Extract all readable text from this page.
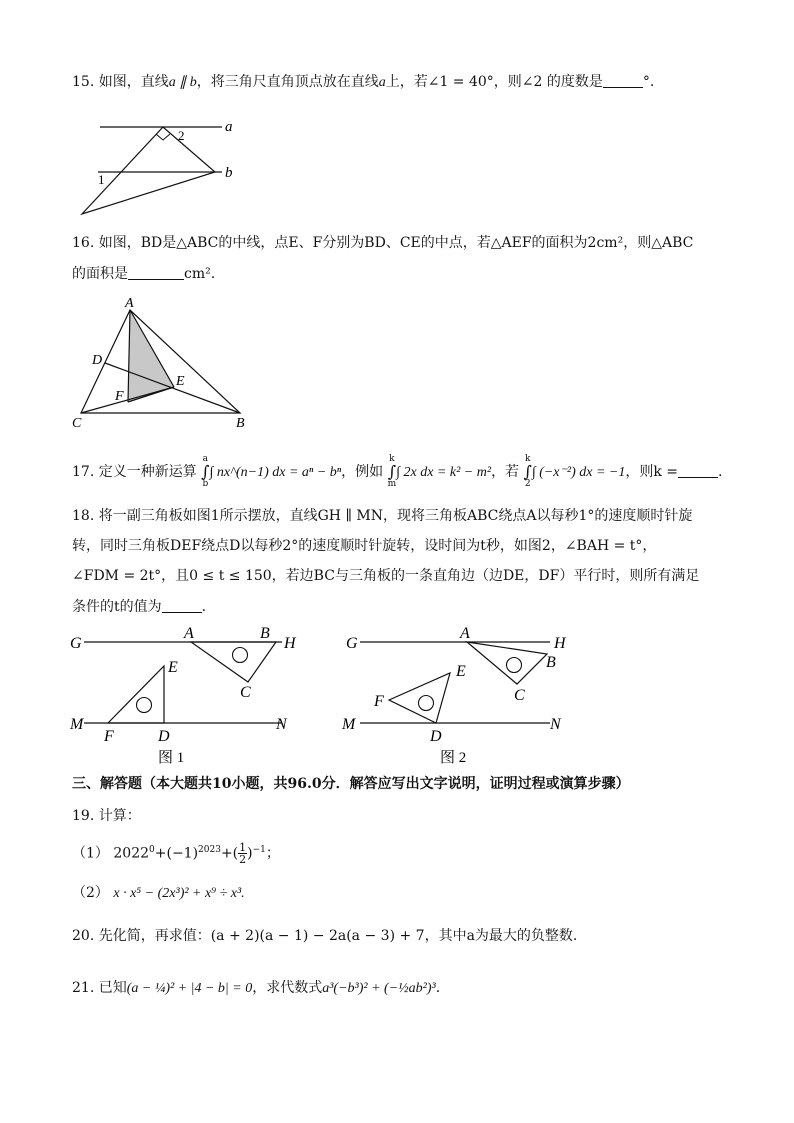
15. 如图，直线a ∥ b，将三角尺直角顶点放在直线a上，若∠1 = 40°，则∠2 的度数是	°.
a
b
1
2
16. 如图，BD是△ABC的中线，点E、F分别为BD、CE的中点，若△AEF的面积为2cm²，则△ABC
的面积是	cm².
A
B
C
D
E
F
17. 定义一种新运算
a
∫
b
∫ nx^(n−1) dx = aⁿ − bⁿ，例如
k
∫
m
∫ 2x dx = k² − m²，若
k
∫
2
∫ (−x⁻²) dx = −1，则k =	.
18. 将一副三角板如图1所示摆放，直线GH ∥ MN，现将三角板ABC绕点A以每秒1°的速度顺时针旋
转，同时三角板DEF绕点D以每秒2°的速度顺时针旋转，设时间为t秒，如图2，∠BAH = t°，
∠FDM = 2t°，且0 ≤ t ≤ 150，若边BC与三角板的一条直角边（边DE，DF）平行时，则所有满足
条件的t的值为	.
G	H
A	B
C
E
M	N
F	D
图 1
G	H
A
B
C
E
F
M	N
D
图 2
三、解答题（本大题共10小题，共96.0分．解答应写出文字说明，证明过程或演算步骤）
19. 计算：
（1） $2022^0+(-1)^{2023}+( \frac{1}{2} )^{-1}$；
（2） x · x⁵ − (2x³)² + x⁹ ÷ x³.
20. 先化简，再求值：(a + 2)(a − 1) − 2a(a − 3) + 7，其中a为最大的负整数.
21. 已知(a − ¼)² + |4 − b| = 0，求代数式a³(−b³)² + (−½ab²)³.
